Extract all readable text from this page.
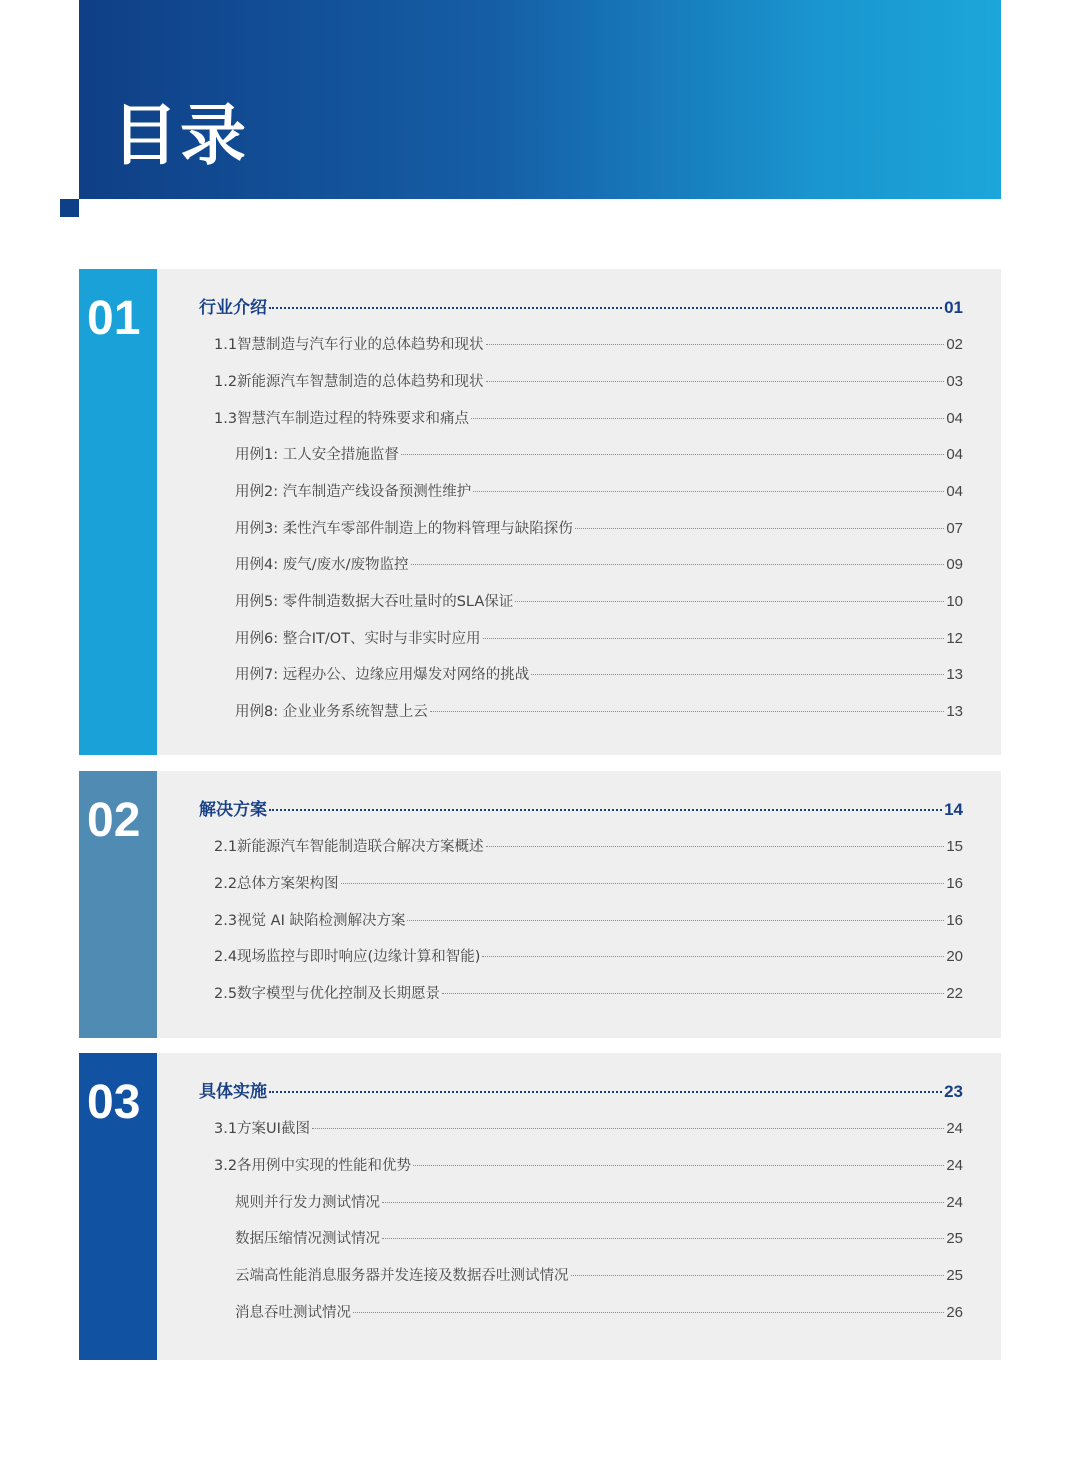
目录
01	行业介绍	01
1.1智慧制造与汽车行业的总体趋势和现状	02
1.2新能源汽车智慧制造的总体趋势和现状	03
1.3智慧汽车制造过程的特殊要求和痛点	04
用例1: 工人安全措施监督	04
用例2: 汽车制造产线设备预测性维护	04
用例3: 柔性汽车零部件制造上的物料管理与缺陷探伤	07
用例4: 废气/废水/废物监控	09
用例5: 零件制造数据大吞吐量时的SLA保证	10
用例6: 整合IT/OT、实时与非实时应用	12
用例7: 远程办公、边缘应用爆发对网络的挑战	13
用例8: 企业业务系统智慧上云	13
02	解决方案	14
2.1新能源汽车智能制造联合解决方案概述	15
2.2总体方案架构图	16
2.3视觉 AI 缺陷检测解决方案	16
2.4现场监控与即时响应(边缘计算和智能)	20
2.5数字模型与优化控制及长期愿景	22
03	具体实施	23
3.1方案UI截图	24
3.2各用例中实现的性能和优势	24
规则并行发力测试情况	24
数据压缩情况测试情况	25
云端高性能消息服务器并发连接及数据吞吐测试情况	25
消息吞吐测试情况	26
